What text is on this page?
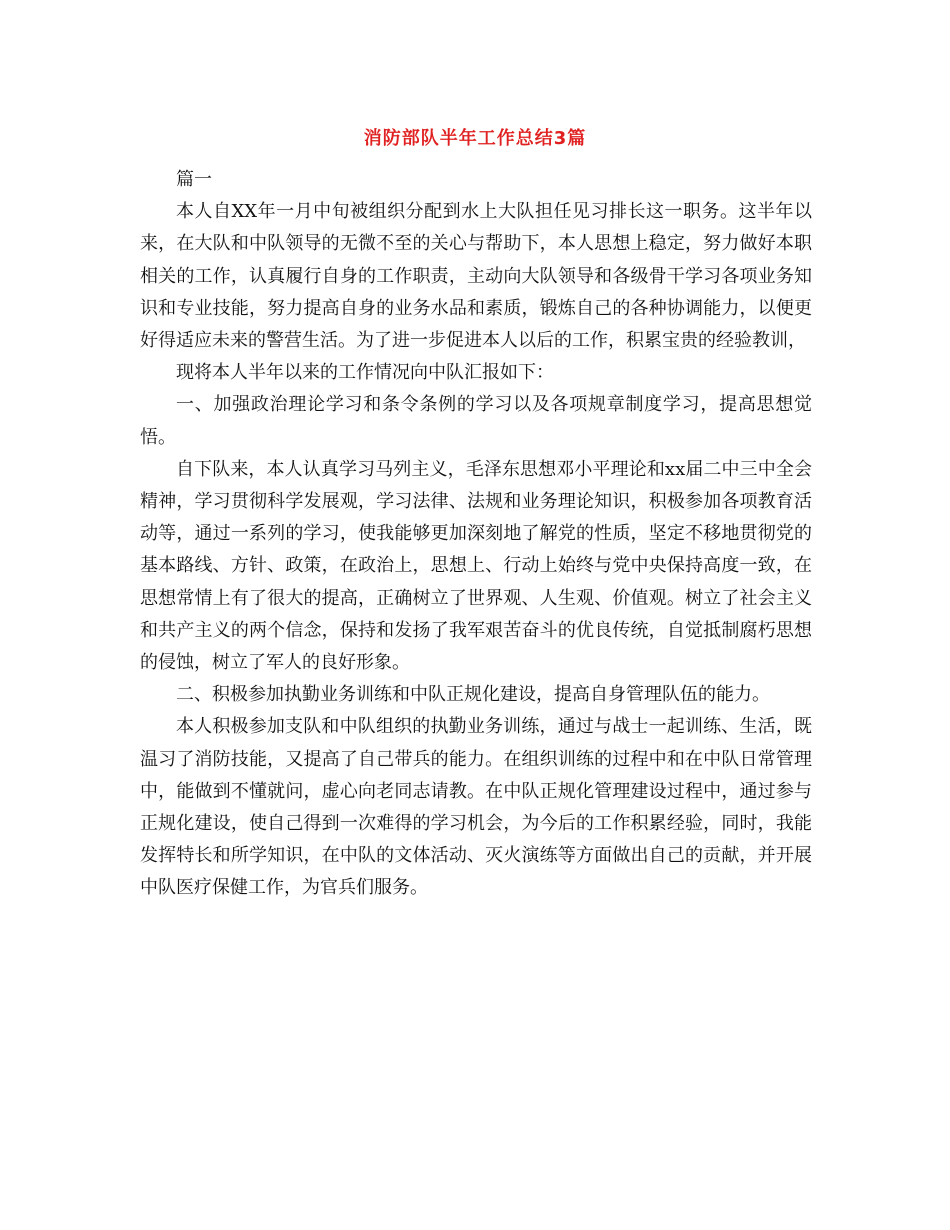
消防部队半年工作总结3篇

篇一

本人自XX年一月中旬被组织分配到水上大队担任见习排长这一职务。这半年以来，在大队和中队领导的无微不至的关心与帮助下，本人思想上稳定，努力做好本职相关的工作，认真履行自身的工作职责，主动向大队领导和各级骨干学习各项业务知识和专业技能，努力提高自身的业务水品和素质，锻炼自己的各种协调能力，以便更好得适应未来的警营生活。为了进一步促进本人以后的工作，积累宝贵的经验教训，

现将本人半年以来的工作情况向中队汇报如下：

一、加强政治理论学习和条令条例的学习以及各项规章制度学习，提高思想觉悟。

自下队来，本人认真学习马列主义，毛泽东思想邓小平理论和xx届二中三中全会精神，学习贯彻科学发展观，学习法律、法规和业务理论知识，积极参加各项教育活动等，通过一系列的学习，使我能够更加深刻地了解党的性质，坚定不移地贯彻党的基本路线、方针、政策，在政治上，思想上、行动上始终与党中央保持高度一致，在思想常情上有了很大的提高，正确树立了世界观、人生观、价值观。树立了社会主义和共产主义的两个信念，保持和发扬了我军艰苦奋斗的优良传统，自觉抵制腐朽思想的侵蚀，树立了军人的良好形象。

二、积极参加执勤业务训练和中队正规化建设，提高自身管理队伍的能力。

本人积极参加支队和中队组织的执勤业务训练，通过与战士一起训练、生活，既温习了消防技能，又提高了自己带兵的能力。在组织训练的过程中和在中队日常管理中，能做到不懂就问，虚心向老同志请教。在中队正规化管理建设过程中，通过参与正规化建设，使自己得到一次难得的学习机会，为今后的工作积累经验，同时，我能发挥特长和所学知识，在中队的文体活动、灭火演练等方面做出自己的贡献，并开展中队医疗保健工作，为官兵们服务。
